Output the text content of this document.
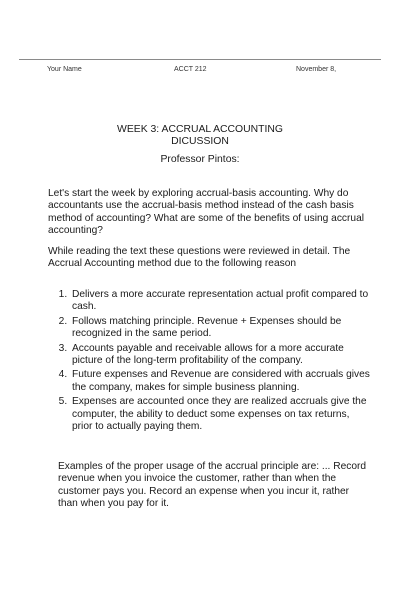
Your Name	ACCT 212	November 8,
WEEK 3: ACCRUAL ACCOUNTING
DICUSSION
Professor Pintos:
Let's start the week by exploring accrual-basis accounting. Why do accountants use the accrual-basis method instead of the cash basis method of accounting? What are some of the benefits of using accrual accounting?
While reading the text these questions were reviewed in detail. The Accrual Accounting method due to the following reason
1. Delivers a more accurate representation actual profit compared to cash.
2. Follows matching principle. Revenue + Expenses should be recognized in the same period.
3. Accounts payable and receivable allows for a more accurate picture of the long-term profitability of the company.
4. Future expenses and Revenue are considered with accruals gives the company, makes for simple business planning.
5. Expenses are accounted once they are realized accruals give the computer, the ability to deduct some expenses on tax returns, prior to actually paying them.
Examples of the proper usage of the accrual principle are: ... Record revenue when you invoice the customer, rather than when the customer pays you. Record an expense when you incur it, rather than when you pay for it.
